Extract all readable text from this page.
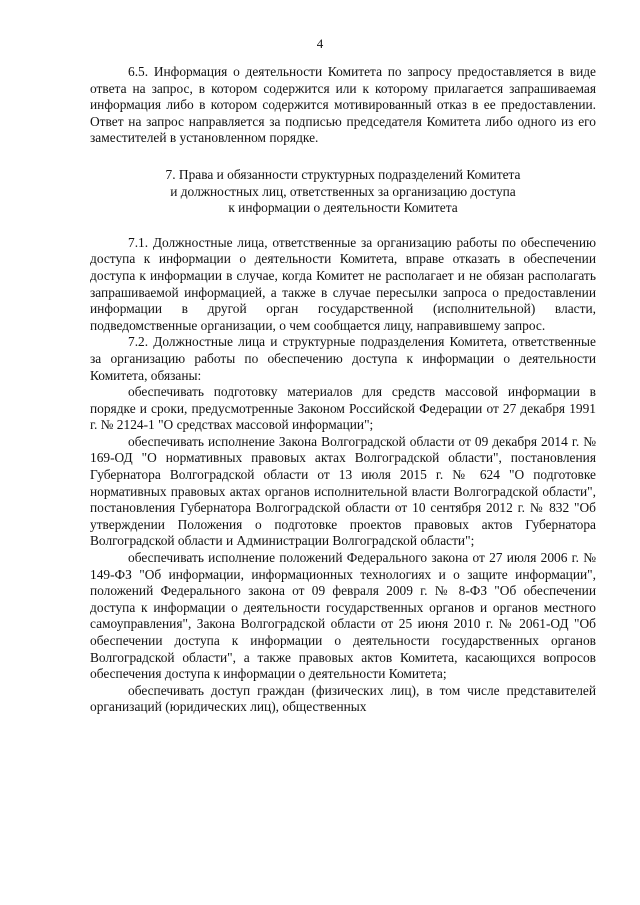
4

6.5. Информация о деятельности Комитета по запросу предоставляется в виде ответа на запрос, в котором содержится или к которому прилагается запрашиваемая информация либо в котором содержится мотивированный отказ в ее предоставлении. Ответ на запрос направляется за подписью председателя Комитета либо одного из его заместителей в установленном порядке.

7. Права и обязанности структурных подразделений Комитета
и должностных лиц, ответственных за организацию доступа
к информации о деятельности Комитета

7.1. Должностные лица, ответственные за организацию работы по обеспечению доступа к информации о деятельности Комитета, вправе отказать в обеспечении доступа к информации в случае, когда Комитет не располагает и не обязан располагать запрашиваемой информацией, а также в случае пересылки запроса о предоставлении информации в другой орган государственной (исполнительной) власти, подведомственные организации, о чем сообщается лицу, направившему запрос.

7.2. Должностные лица и структурные подразделения Комитета, ответственные за организацию работы по обеспечению доступа к информации о деятельности Комитета, обязаны:

обеспечивать подготовку материалов для средств массовой информации в порядке и сроки, предусмотренные Законом Российской Федерации от 27 декабря 1991 г. № 2124-1 "О средствах массовой информации";

обеспечивать исполнение Закона Волгоградской области от 09 декабря 2014 г. № 169-ОД "О нормативных правовых актах Волгоградской области", постановления Губернатора Волгоградской области от 13 июля 2015 г. № 624 "О подготовке нормативных правовых актах органов исполнительной власти Волгоградской области", постановления Губернатора Волгоградской области от 10 сентября 2012 г. № 832 "Об утверждении Положения о подготовке проектов правовых актов Губернатора Волгоградской области и Администрации Волгоградской области";

обеспечивать исполнение положений Федерального закона от 27 июля 2006 г. № 149-ФЗ "Об информации, информационных технологиях и о защите информации", положений Федерального закона от 09 февраля 2009 г. № 8-ФЗ "Об обеспечении доступа к информации о деятельности государственных органов и органов местного самоуправления", Закона Волгоградской области от 25 июня 2010 г. № 2061-ОД "Об обеспечении доступа к информации о деятельности государственных органов Волгоградской области", а также правовых актов Комитета, касающихся вопросов обеспечения доступа к информации о деятельности Комитета;

обеспечивать доступ граждан (физических лиц), в том числе представителей организаций (юридических лиц), общественных
